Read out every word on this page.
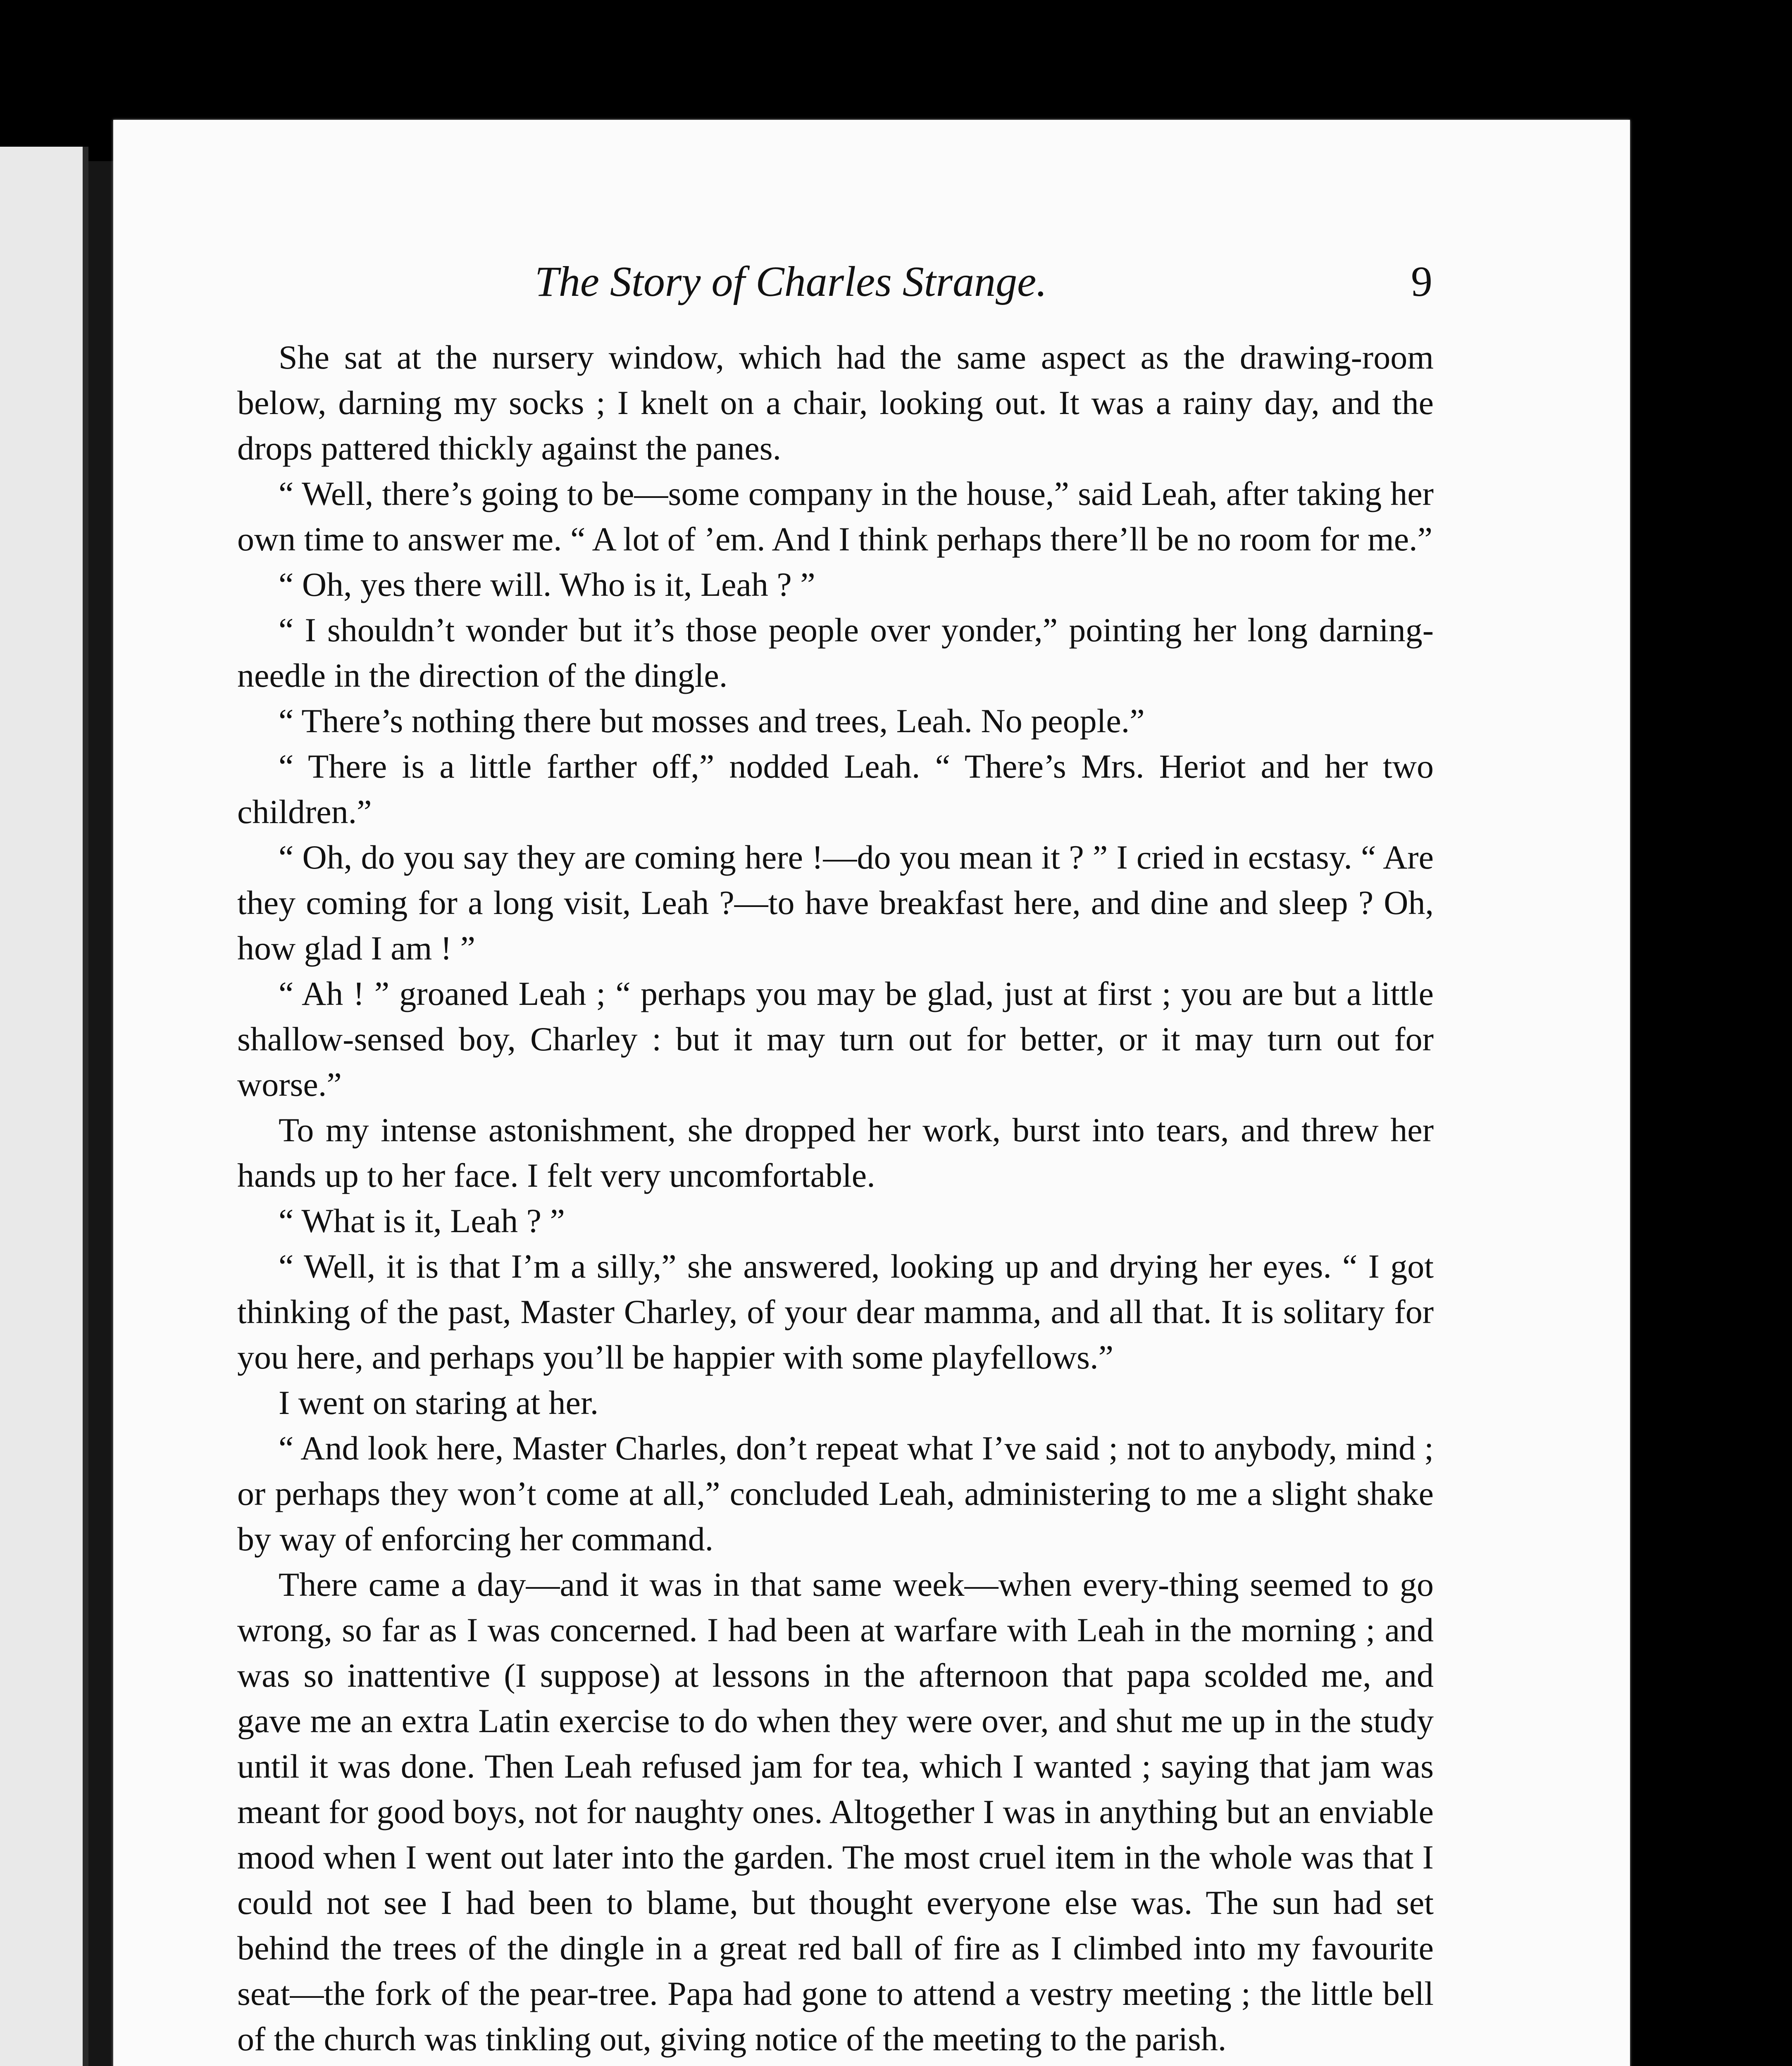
The Story of Charles Strange.	9

She sat at the nursery window, which had the same aspect as the drawing-room below, darning my socks ; I knelt on a chair, looking out. It was a rainy day, and the drops pattered thickly against the panes.

“ Well, there’s going to be—some company in the house,” said Leah, after taking her own time to answer me. “ A lot of ’em. And I think perhaps there’ll be no room for me.”

“ Oh, yes there will. Who is it, Leah ? ”

“ I shouldn’t wonder but it’s those people over yonder,” pointing her long darning-needle in the direction of the dingle.

“ There’s nothing there but mosses and trees, Leah. No people.”

“ There is a little farther off,” nodded Leah. “ There’s Mrs. Heriot and her two children.”

“ Oh, do you say they are coming here !—do you mean it ? ” I cried in ecstasy. “ Are they coming for a long visit, Leah ?—to have breakfast here, and dine and sleep ? Oh, how glad I am ! ”

“ Ah ! ” groaned Leah ; “ perhaps you may be glad, just at first ; you are but a little shallow-sensed boy, Charley : but it may turn out for better, or it may turn out for worse.”

To my intense astonishment, she dropped her work, burst into tears, and threw her hands up to her face. I felt very uncomfortable.

“ What is it, Leah ? ”

“ Well, it is that I’m a silly,” she answered, looking up and drying her eyes. “ I got thinking of the past, Master Charley, of your dear mamma, and all that. It is solitary for you here, and perhaps you’ll be happier with some playfellows.”

I went on staring at her.

“ And look here, Master Charles, don’t repeat what I’ve said ; not to anybody, mind ; or perhaps they won’t come at all,” concluded Leah, administering to me a slight shake by way of enforcing her command.

There came a day—and it was in that same week—when every-thing seemed to go wrong, so far as I was concerned. I had been at warfare with Leah in the morning ; and was so inattentive (I suppose) at lessons in the afternoon that papa scolded me, and gave me an extra Latin exercise to do when they were over, and shut me up in the study until it was done. Then Leah refused jam for tea, which I wanted ; saying that jam was meant for good boys, not for naughty ones. Altogether I was in anything but an enviable mood when I went out later into the garden. The most cruel item in the whole was that I could not see I had been to blame, but thought everyone else was. The sun had set behind the trees of the dingle in a great red ball of fire as I climbed into my favourite seat—the fork of the pear-tree. Papa had gone to attend a vestry meeting ; the little bell of the church was tinkling out, giving notice of the meeting to the parish.
